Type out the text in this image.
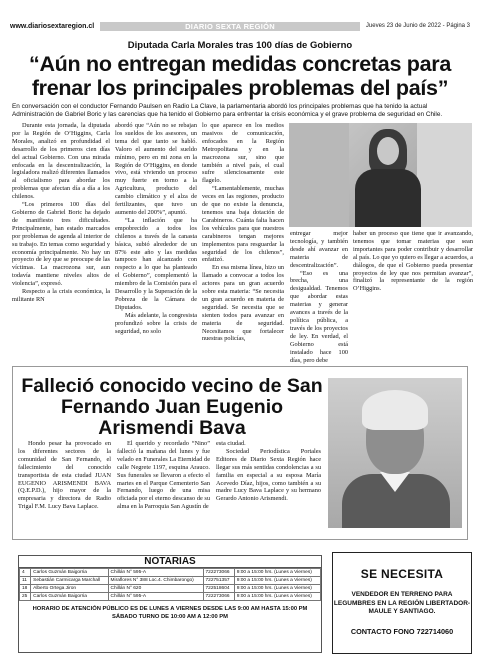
www.diariosextaregion.cl	DIARIO SEXTA REGIÓN	Jueves 23 de Junio de 2022 - Página 3
Diputada Carla Morales tras 100 días de Gobierno
“Aún no entregan medidas concretas para frenar los principales problemas del país”
En conversación con el conductor Fernando Paulsen en Radio La Clave, la parlamentaria abordó los principales problemas que ha tenido la actual Administración de Gabriel Boric y las carencias que ha tenido el Gobierno para enfrentar la crisis económica y el grave problema de seguridad en Chile.

Durante esta jornada, la diputada por la Región de O’Higgins, Carla Morales, analizó en profundidad el desarrollo de los primeros cien días del actual Gobierno. Con una mirada enfocada en la descentralización, la legisladora realizó diferentes llamados al oficialismo para abordar los problemas que afectan día a día a los chilenos.

“Los primeros 100 días del Gobierno de Gabriel Boric ha dejado de manifiesto tres dificultades. Principalmente, han estado marcados por problemas de agenda al interior de su trabajo. En temas como seguridad y economía principalmente. No hay un proyecto de ley que se preocupe de las víctimas. La macrozona sur, aun todavía mantiene niveles altos de violencia”, expresó.

Respecto a la crisis económica, la militante RN

abordó que “Aún no se rebajan los sueldos de los asesores, un tema del que tanto se habló. Valoro el aumento del sueldo mínimo, pero en mi zona en la Región de O’Higgins, en donde vivo, está viviendo un proceso muy fuerte en torno a la Agricultura, producto del cambio climático y el alza de fertilizantes, que tuvo un aumento del 200%”, apuntó.

“La inflación que ha empobrecido a todos los chilenos a través de la canasta básica, subió alrededor de un 87% este año y las medidas tampoco han alcanzado con respecto a lo que ha planteado el Gobierno”, complementó la miembro de la Comisión para el Desarrollo y la Superación de la Pobreza de la Cámara de Diputados.

Más adelante, la congresista profundizó sobre la crisis de seguridad, no solo

lo que aparece en los medios masivos de comunicación, enfocados en la Región Metropolitana y en la macrozona sur, sino que también a nivel país, el cual sufre silenciosamente este flagelo.

“Lamentablemente, muchas veces en las regiones, producto de que no existe la denuncia, tenemos una baja dotación de Carabineros. Cuánta falta hacen los vehículos para que nuestros carabineros tengan mejores implementos para resguardar la seguridad de los chilenos”, enfatizó.

En esa misma línea, hizo un llamado a convocar a todos los actores para un gran acuerdo sobre esta materia: “Se necesita un gran acuerdo en materia de seguridad. Se necesita que se sienten todos para avanzar en materia de seguridad. Necesitamos que fortalecer nuestras policías,

entregar mejor tecnología, y también desde ahí avanzar en materia de descentralización”.

“Eso es una brecha, una desigualdad. Tenemos que abordar estas materias y generar avances a través de la política pública, a través de los proyectos de ley. En verdad, el Gobierno está instalado hace 100 días, pero debe

haber un proceso que tiene que ir avanzando, tenemos que tomar materias que sean importantes para poder contribuir y desarrollar al país. Lo que yo quiero es llegar a acuerdos, a diálogos, de que el Gobierno pueda presentar proyectos de ley que nos permitan avanzar”, finalizó la representante de la región O’Higgins.

Falleció conocido vecino de San Fernando Juan Eugenio Arismendi Bava

Hondo pesar ha provocado en los diferentes sectores de la comunidad de San Fernando, el fallecimiento del conocido transportista de esta ciudad JUAN EUGENIO ARISMENDI BAVA (Q.E.P.D.), hijo mayor de la empresaria y directora de Radio Trigal F.M. Lucy Bava Laplace.

El querido y recordado “Nino” falleció la mañana del lunes y fue velado en Funerales La Eternidad de calle Negrete 1197, esquina Arauco. Sus funerales se llevaron a efecto el martes en el Parque Cementerio San Fernando, luego de una misa oficiada por el eterno descanso de su alma en la Parroquia San Agustín de

esta ciudad.

Sociedad Periodística Portales Editores de Diario Sexta Región hace llegar sus más sentidas condolencias a su familia en especial a su esposa María Acevedo Díaz, hijos, como también a su madre Lucy Bava Laplace y su hermano Gerardo Antonio Arismendi.

NOTARIAS
4	Carlos Guzmán Baigorria	Chillán N° 595-A	722273066	9:00 a 15:00 hrs. (Lunes a Viernes)
11	Sebastián Carmicarga Marchall	Miraflores N° 388 Loc.4. Chimbarongo)	722751357	9:00 a 15:00 hrs. (Lunes a Viernes)
18	Alberto Ortega Jiron	Chillán N° 620	722518604	9:00 a 15:00 hrs. (Lunes a Viernes)
25	Carlos Guzmán Baigorria	Chillán N° 595-A	722273066	9:00 a 15:00 hrs. (Lunes a Viernes)
HORARIO DE ATENCIÓN PÚBLICO ES DE LUNES A VIERNES DESDE LAS 9:00 AM HASTA 15:00 PM
SÁBADO TURNO DE 10:00 AM A 12:00 PM
SE NECESITA
VENDEDOR EN TERRENO PARA LEGUMBRES EN LA REGIÓN LIBERTADOR-MAULE Y SANTIAGO.
CONTACTO FONO 722714060
